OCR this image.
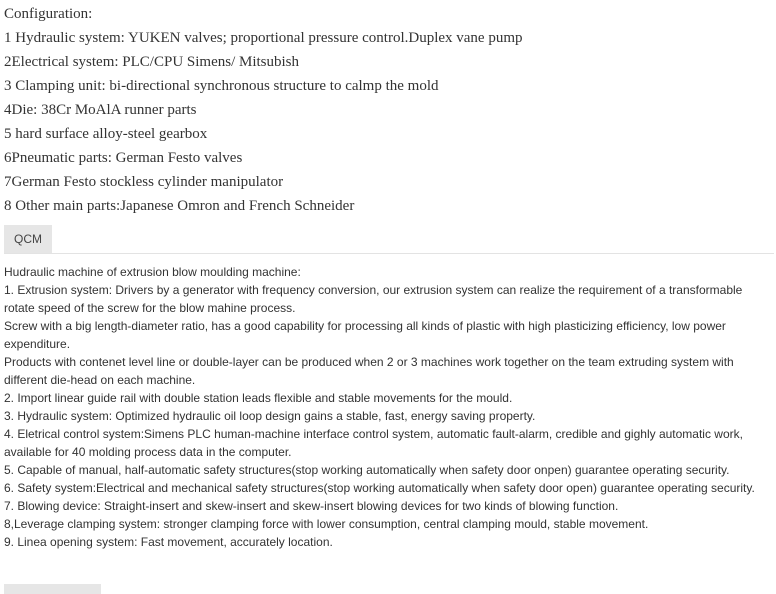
Configuration:
1 Hydraulic system: YUKEN valves; proportional pressure control.Duplex vane pump
2Electrical system: PLC/CPU Simens/ Mitsubish
3 Clamping unit: bi-directional synchronous structure to calmp the mold
4Die: 38Cr MoAlA runner parts
5 hard surface alloy-steel gearbox
6Pneumatic parts: German Festo valves
7German Festo stockless cylinder manipulator
8 Other main parts:Japanese Omron and French Schneider
QCM

Hudraulic machine of extrusion blow moulding machine:

1. Extrusion system: Drivers by a generator with frequency conversion, our extrusion system can realize the requirement of a transformable rotate speed of the screw for the blow mahine process.

Screw with a big length-diameter ratio, has a good capability for processing all kinds of plastic with high plasticizing efficiency, low power expenditure.

Products with contenet level line or double-layer can be produced when 2 or 3 machines work together on the team extruding system with different die-head on each machine.

2. Import linear guide rail with double station leads flexible and stable movements for the mould.

3. Hydraulic system: Optimized hydraulic oil loop design gains a stable, fast, energy saving property.

4. Eletrical control system:Simens PLC human-machine interface control system, automatic fault-alarm, credible and gighly automatic work, available for 40 molding process data in the computer.

5. Capable of manual, half-automatic safety structures(stop working automatically when safety door onpen) guarantee operating security.

6. Safety system:Electrical and mechanical safety structures(stop working automatically when safety door open) guarantee operating security.

7. Blowing device: Straight-insert and skew-insert and skew-insert blowing devices for two kinds of blowing function.

8,Leverage clamping system: stronger clamping force with lower consumption, central clamping mould, stable movement.

9. Linea opening system: Fast movement, accurately location.
